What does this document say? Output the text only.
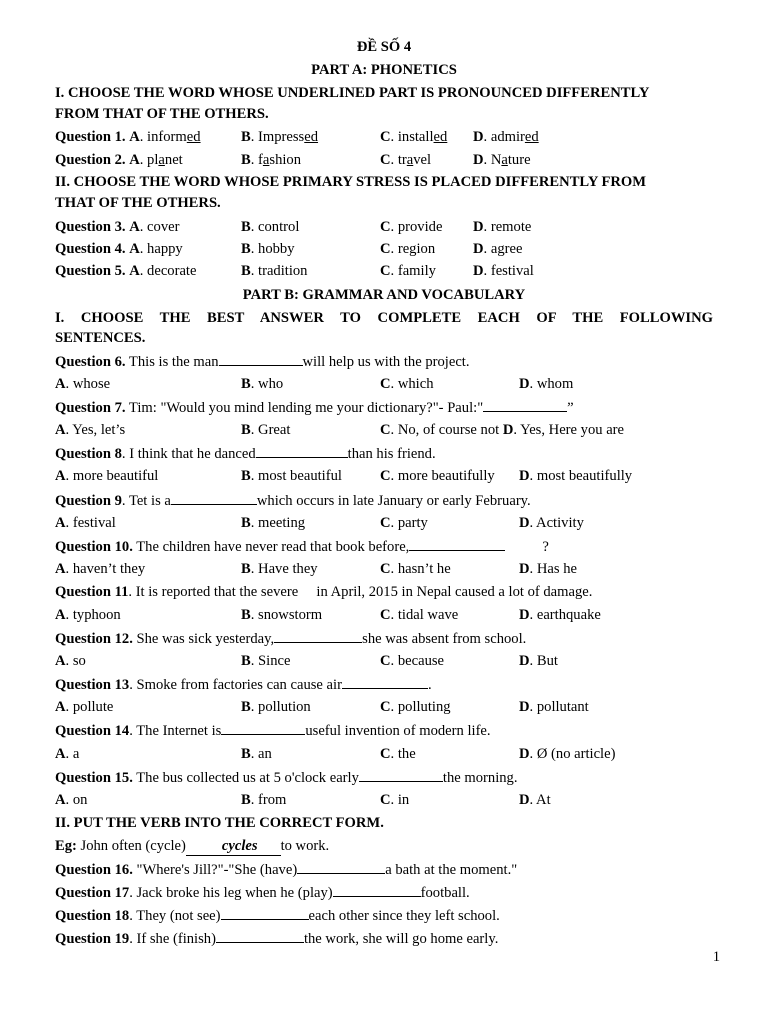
ĐỀ SỐ 4
PART A: PHONETICS
I. CHOOSE THE WORD WHOSE UNDERLINED PART IS PRONOUNCED DIFFERENTLY
FROM THAT OF THE OTHERS.
Question 1. A. informed	B. Impressed	C. installed D. admired
Question 2. A. planet	B. fashion	C. travel	D. Nature
II. CHOOSE THE WORD WHOSE PRIMARY STRESS IS PLACED DIFFERENTLY FROM
THAT OF THE OTHERS.
Question 3. A. cover	B. control	C. provide D. remote
Question 4. A. happy	B. hobby	C. region	D. agree
Question 5. A. decorate	B. tradition	C. family	D. festival
PART B: GRAMMAR AND VOCABULARY
I. CHOOSE THE BEST ANSWER TO COMPLETE EACH OF THE FOLLOWING
SENTENCES.
Question 6. This is the man	will help us with the project.
A. whose	B. who	C. which	D. whom
Question 7. Tim: "Would you mind lending me your dictionary?"- Paul:"	”
A. Yes, let’s	B. Great	C. No, of course not D. Yes, Here you are
Question 8. I think that he danced	than his friend.
A. more beautiful	B. most beautiful	C. more beautifully D. most beautifully
Question 9. Tet is a	which occurs in late January or early February.
A. festival	B. meeting	C. party	D. Activity
Question 10. The children have never read that book before,	?
A. haven’t they	B. Have they	C. hasn’t he	D. Has he
Question 11. It is reported that the severe     in April, 2015 in Nepal caused a lot of damage.
A. typhoon	B. snowstorm	C. tidal wave	D. earthquake
Question 12. She was sick yesterday,	she was absent from school.
A. so	B. Since	C. because	D. But
Question 13. Smoke from factories can cause air	.
A. pollute	B. pollution	C. polluting	D. pollutant
Question 14. The Internet is	useful invention of modern life.
A. a	B. an	C. the	D. Ø (no article)
Question 15. The bus collected us at 5 o'clock early	the morning.
A. on	B. from	C. in	D. At
II. PUT THE VERB INTO THE CORRECT FORM.
Eg: John often (cycle) cycles to work.
Question 16. "Where's Jill?"-"She (have)	a bath at the moment."
Question 17. Jack broke his leg when he (play)	football.
Question 18. They (not see)	each other since they left school.
Question 19. If she (finish)	the work, she will go home early.
1
